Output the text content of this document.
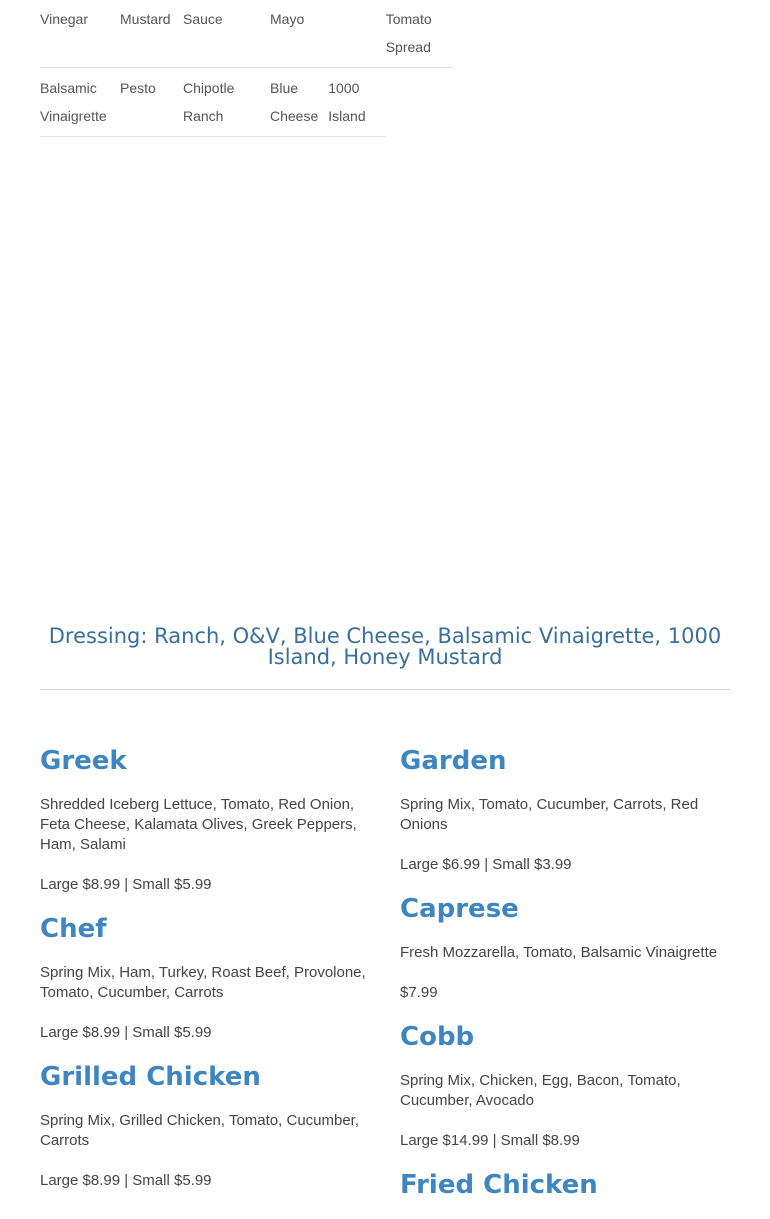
Vinegar	Mustard	Sauce	Mayo		Tomato Spread
Balsamic Vinaigrette	Pesto	Chipotle Ranch	Blue Cheese	1000 Island	
Dressing: Ranch, O&V, Blue Cheese, Balsamic Vinaigrette, 1000 Island, Honey Mustard
Greek

Shredded Iceberg Lettuce, Tomato, Red Onion, Feta Cheese, Kalamata Olives, Greek Peppers, Ham, Salami

Large $8.99 | Small $5.99

Chef

Spring Mix, Ham, Turkey, Roast Beef, Provolone, Tomato, Cucumber, Carrots

Large $8.99 | Small $5.99

Grilled Chicken

Spring Mix, Grilled Chicken, Tomato, Cucumber, Carrots

Large $8.99 | Small $5.99

Garden

Spring Mix, Tomato, Cucumber, Carrots, Red Onions

Large $6.99 | Small $3.99

Caprese

Fresh Mozzarella, Tomato, Balsamic Vinaigrette

$7.99

Cobb

Spring Mix, Chicken, Egg, Bacon, Tomato, Cucumber, Avocado

Large $14.99 | Small $8.99

Fried Chicken
